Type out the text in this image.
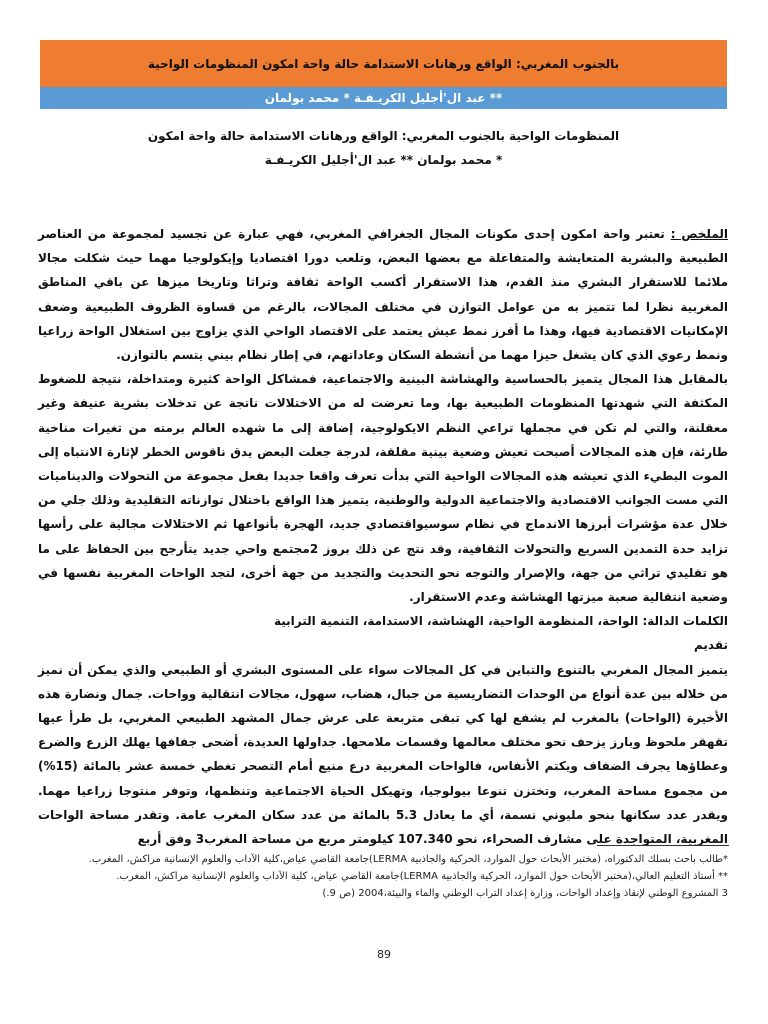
بالجنوب المغربي: الواقع ورهانات الاستدامة حالة واحة امكون المنظومات الواحية
** عبد ال'أجليل الكريـفـة * محمد بولمان
المنظومات الواحية بالجنوب المغربي: الواقع ورهانات الاستدامة حالة واحة امكون
* محمد بولمان ** عبد ال'أجليل الكريـفـة

الملخص : تعتبر واحة امكون إحدى مكونات المجال الجغرافي المغربي، فهي عبارة عن تجسيد لمجموعة من العناصر الطبيعية والبشرية المتعايشة والمتفاعلة مع بعضها البعض، وتلعب دورا اقتصاديا وإيكولوجيا مهما حيث شكلت مجالا ملائما للاستقرار البشري منذ القدم، هذا الاستقرار أكسب الواحة ثقافة وتراثا وتاريخا ميزها عن باقي المناطق المغربية نظرا لما تتميز به من عوامل التوازن في مختلف المجالات، بالرغم من قساوة الظروف الطبيعية وضعف الإمكانيات الاقتصادية فيها، وهذا ما أفرز نمط عيش يعتمد على الاقتصاد الواحي الذي يزاوج بين استغلال الواحة زراعيا ونمط رعوي الذي كان يشغل حيزا مهما من أنشطة السكان وعاداتهم، في إطار نظام بيني يتسم بالتوازن.

بالمقابل هذا المجال يتميز بالحساسية والهشاشة البينية والاجتماعية، فمشاكل الواحة كثيرة ومتداخلة، نتيجة للضغوط المكثفة التي شهدتها المنظومات الطبيعية بها، وما تعرضت له من الاختلالات ناتجة عن تدخلات بشرية عنيفة وغير معقلنة، والتي لم تكن في مجملها تراعي النظم الايكولوجية، إضافة إلى ما شهده العالم برمته من تغيرات مناخية طارئة، فإن هذه المجالات أصبحت تعيش وضعية بينية مقلقة، لدرجة جعلت البعض يدق ناقوس الخطر لإثارة الانتباه إلى الموت البطيء الذي تعيشه هذه المجالات الواحية التي بدأت تعرف واقعا جديدا بفعل مجموعة من التحولات والديناميات التي مست الجوانب الاقتصادية والاجتماعية الدولية والوطنية، يتميز هذا الواقع باختلال توازناته التقليدية وذلك جلي من خلال عدة مؤشرات أبرزها الاندماج في نظام سوسيواقتصادي جديد، الهجرة بأنواعها ثم الاختلالات مجالية على رأسها تزايد حدة التمدين السريع والتحولات الثقافية، وقد نتج عن ذلك بروز 2مجتمع واحي جديد يتأرجح بين الحفاظ على ما هو تقليدي تراثي من جهة، والإصرار والتوجه نحو التحديث والتجديد من جهة أخرى، لتجد الواحات المغربية نفسها في وضعية انتقالية صعبة ميزتها الهشاشة وعدم الاستقرار.

الكلمات الدالة: الواحة، المنظومة الواحية، الهشاشة، الاستدامة، التنمية الترابية

تقديم

يتميز المجال المغربي بالتنوع والتباين في كل المجالات سواء على المستوى البشري أو الطبيعي والذي يمكن أن نميز من خلاله بين عدة أنواع من الوحدات التضاريسية من جبال، هضاب، سهول، مجالات انتقالية وواحات. جمال ونضارة هذه الأخيرة (الواحات) بالمغرب لم يشفع لها كي تبقى متربعة على عرش جمال المشهد الطبيعي المغربي، بل طرأ عيها تقهقر ملحوظ وبارز يزحف نحو مختلف معالمها وقسمات ملامحها. جداولها العديدة، أضحى جفافها يهلك الزرع والضرع وعطاؤها يجرف الضفاف ويكتم الأنفاس، فالواحات المغربية درع منيع أمام التصحر تغطي خمسة عشر بالمائة (15%) من مجموع مساحة المغرب، وتختزن تنوعا بيولوجيا، وتهيكل الحياة الاجتماعية وتنظمها، وتوفر منتوجا زراعيا مهما. ويقدر عدد سكانها بنحو مليوني نسمة، أي ما يعادل 5.3 بالمائة من عدد سكان المغرب عامة. وتقدر مساحة الواحات المغربية، المتواجدة على مشارف الصحراء، نحو 107.340 كيلومتر مربع من مساحة المغرب3 وفق أربع

*طالب باحث بسلك الدكتوراه، (مختبر الأبحاث حول الموارد، الحركية والجاذبية LERMA)جامعة القاضي عياض،كلية الآداب والعلوم الإنسانية مراكش، المغرب.

** أستاذ التعليم العالي،(مختبر الأبحاث حول الموارد، الحركية والجاذبية LERMA)جامعة القاضي عياض، كلية الآداب والعلوم الإنسانية مراكش، المغرب.

3 المشروع الوطني لإنقاذ وإعداد الواحات، وزارة إعداد التراب الوطني والماء والبيئة،2004 (ص 9.)

89
